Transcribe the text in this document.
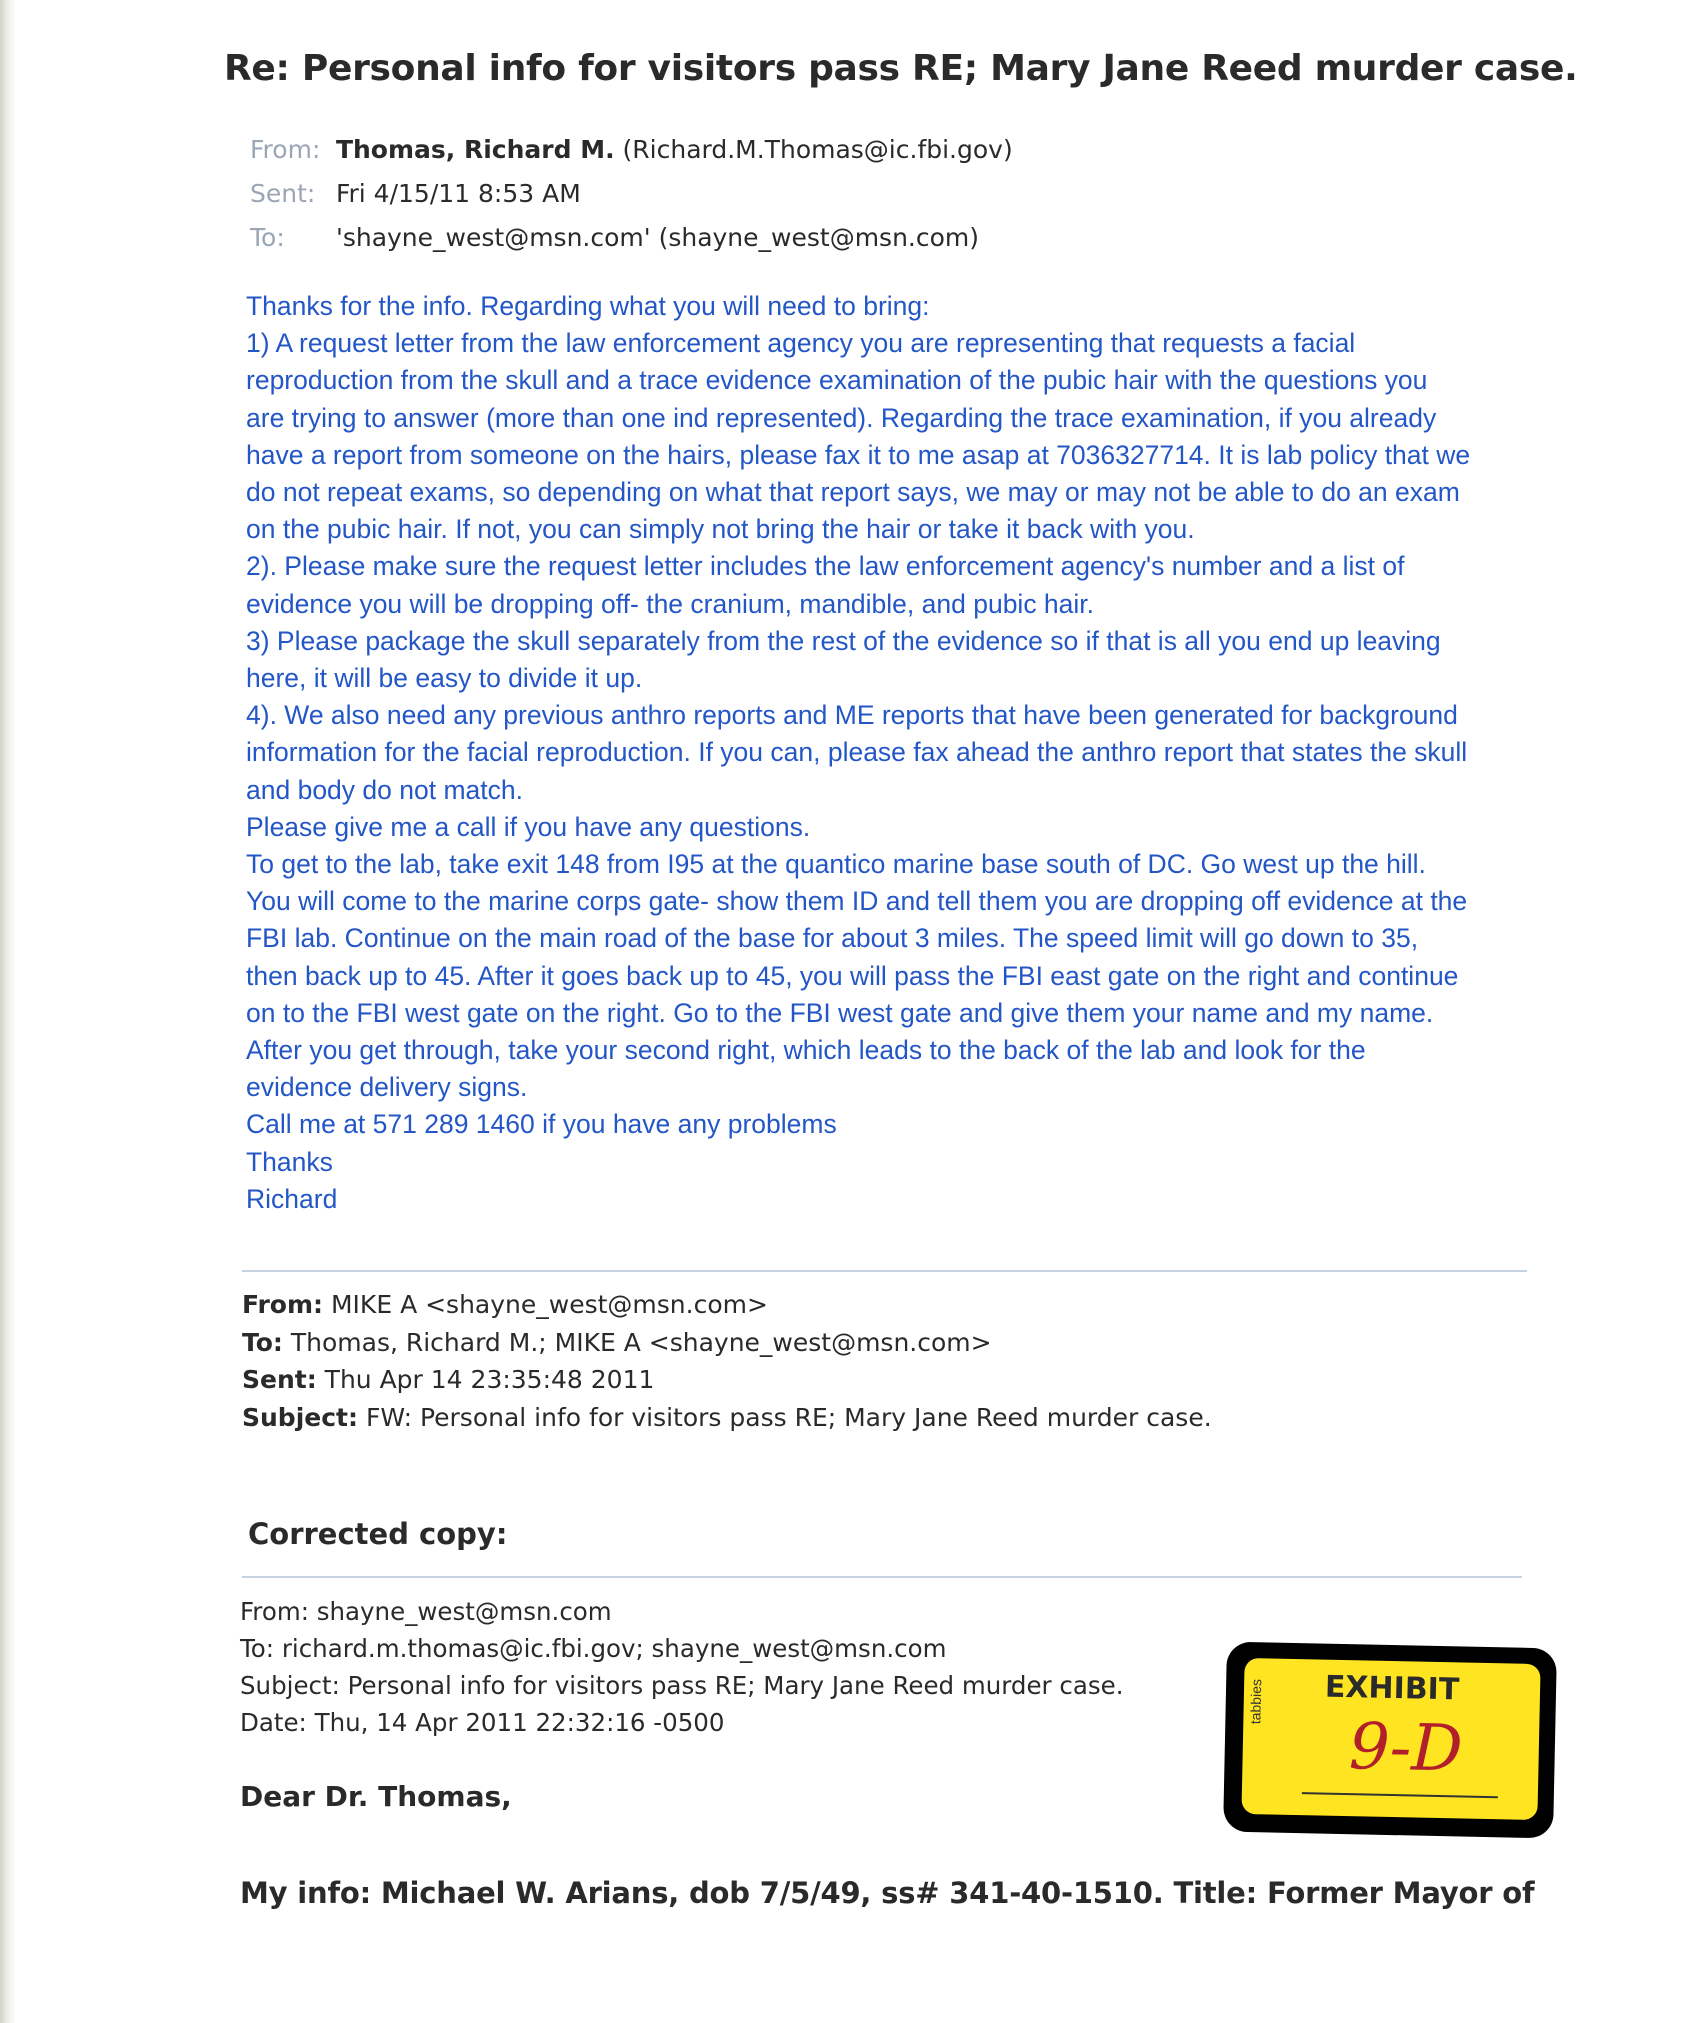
Re: Personal info for visitors pass RE; Mary Jane Reed murder case.
From: Thomas, Richard M. (Richard.M.Thomas@ic.fbi.gov)
Sent: Fri 4/15/11 8:53 AM
To: 'shayne_west@msn.com' (shayne_west@msn.com)
Thanks for the info. Regarding what you will need to bring:
1) A request letter from the law enforcement agency you are representing that requests a facial
reproduction from the skull and a trace evidence examination of the pubic hair with the questions you
are trying to answer (more than one ind represented). Regarding the trace examination, if you already
have a report from someone on the hairs, please fax it to me asap at 7036327714. It is lab policy that we
do not repeat exams, so depending on what that report says, we may or may not be able to do an exam
on the pubic hair. If not, you can simply not bring the hair or take it back with you.
2). Please make sure the request letter includes the law enforcement agency's number and a list of
evidence you will be dropping off- the cranium, mandible, and pubic hair.
3) Please package the skull separately from the rest of the evidence so if that is all you end up leaving
here, it will be easy to divide it up.
4). We also need any previous anthro reports and ME reports that have been generated for background
information for the facial reproduction. If you can, please fax ahead the anthro report that states the skull
and body do not match.
Please give me a call if you have any questions.
To get to the lab, take exit 148 from I95 at the quantico marine base south of DC. Go west up the hill.
You will come to the marine corps gate- show them ID and tell them you are dropping off evidence at the
FBI lab. Continue on the main road of the base for about 3 miles. The speed limit will go down to 35,
then back up to 45. After it goes back up to 45, you will pass the FBI east gate on the right and continue
on to the FBI west gate on the right. Go to the FBI west gate and give them your name and my name.
After you get through, take your second right, which leads to the back of the lab and look for the
evidence delivery signs.
Call me at 571 289 1460 if you have any problems
Thanks
Richard
From: MIKE A <shayne_west@msn.com>
To: Thomas, Richard M.; MIKE A <shayne_west@msn.com>
Sent: Thu Apr 14 23:35:48 2011
Subject: FW: Personal info for visitors pass RE; Mary Jane Reed murder case.
Corrected copy:
From: shayne_west@msn.com
To: richard.m.thomas@ic.fbi.gov; shayne_west@msn.com
Subject: Personal info for visitors pass RE; Mary Jane Reed murder case.
Date: Thu, 14 Apr 2011 22:32:16 -0500
Dear Dr. Thomas,
My info: Michael W. Arians, dob 7/5/49, ss# 341-40-1510. Title: Former Mayor of
tabbies	EXHIBIT
9-D
